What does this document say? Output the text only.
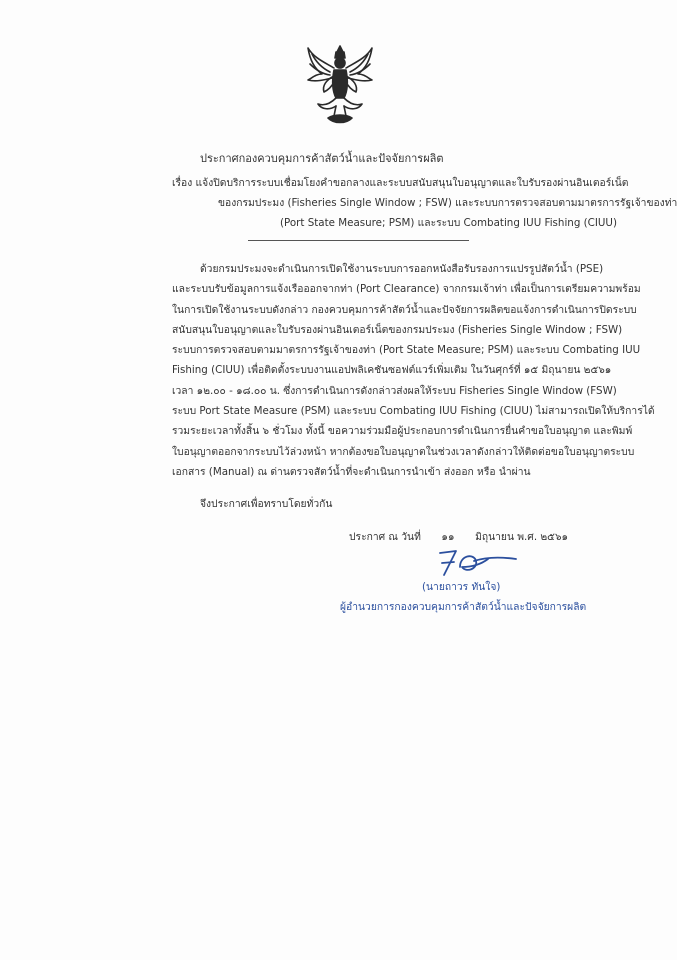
ประกาศกองควบคุมการค้าสัตว์น้ำและปัจจัยการผลิต
เรื่อง แจ้งปิดบริการระบบเชื่อมโยงคำขอกลางและระบบสนับสนุนใบอนุญาตและใบรับรองผ่านอินเตอร์เน็ต
ของกรมประมง (Fisheries Single Window ; FSW) และระบบการตรวจสอบตามมาตรการรัฐเจ้าของท่า
(Port State Measure; PSM) และระบบ Combating IUU Fishing (CIUU)
ด้วยกรมประมงจะดำเนินการเปิดใช้งานระบบการออกหนังสือรับรองการแปรรูปสัตว์น้ำ (PSE)
และระบบรับข้อมูลการแจ้งเรือออกจากท่า (Port Clearance) จากกรมเจ้าท่า เพื่อเป็นการเตรียมความพร้อม
ในการเปิดใช้งานระบบดังกล่าว กองควบคุมการค้าสัตว์น้ำและปัจจัยการผลิตขอแจ้งการดำเนินการปิดระบบ
สนับสนุนใบอนุญาตและใบรับรองผ่านอินเตอร์เน็ตของกรมประมง (Fisheries Single Window ; FSW)
ระบบการตรวจสอบตามมาตรการรัฐเจ้าของท่า (Port State Measure; PSM) และระบบ Combating IUU
Fishing (CIUU) เพื่อติดตั้งระบบงานแอปพลิเคชันซอฟต์แวร์เพิ่มเติม ในวันศุกร์ที่ ๑๕ มิถุนายน ๒๕๖๑
เวลา ๑๒.๐๐ - ๑๘.๐๐ น. ซึ่งการดำเนินการดังกล่าวส่งผลให้ระบบ Fisheries Single Window (FSW)
ระบบ Port State Measure (PSM) และระบบ Combating IUU Fishing (CIUU) ไม่สามารถเปิดให้บริการได้
รวมระยะเวลาทั้งสิ้น ๖ ชั่วโมง ทั้งนี้ ขอความร่วมมือผู้ประกอบการดำเนินการยื่นคำขอใบอนุญาต และพิมพ์
ใบอนุญาตออกจากระบบไว้ล่วงหน้า หากต้องขอใบอนุญาตในช่วงเวลาดังกล่าวให้ติดต่อขอใบอนุญาตระบบ
เอกสาร (Manual) ณ ด่านตรวจสัตว์น้ำที่จะดำเนินการนำเข้า ส่งออก หรือ นำผ่าน
จึงประกาศเพื่อทราบโดยทั่วกัน
ประกาศ ณ วันที่ ๑๑ มิถุนายน พ.ศ. ๒๕๖๑
(นายถาวร ทันใจ)
ผู้อำนวยการกองควบคุมการค้าสัตว์น้ำและปัจจัยการผลิต
